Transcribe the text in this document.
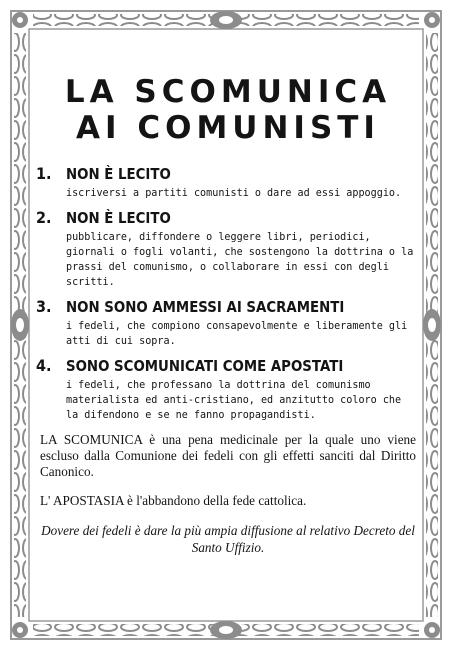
LA SCOMUNICA
AI COMUNISTI
1. NON È LECITO
iscriversi a partiti comunisti o dare ad essi appoggio.
2. NON È LECITO
pubblicare, diffondere o leggere libri, periodici, giornali o fogli volanti, che sostengono la dottrina o la prassi del comunismo, o collaborare in essi con degli scritti.
3. NON SONO AMMESSI AI SACRAMENTI
i fedeli, che compiono consapevolmente e liberamente gli atti di cui sopra.
4. SONO SCOMUNICATI COME APOSTATI
i fedeli, che professano la dottrina del comunismo materialista ed anti-cristiano, ed anzitutto coloro che la difendono e se ne fanno propagandisti.

LA SCOMUNICA è una pena medicinale per la quale uno viene escluso dalla Comunione dei fedeli con gli effetti sanciti dal Diritto Canonico.

L' APOSTASIA è l'abbandono della fede cattolica.

Dovere dei fedeli è dare la più ampia diffusione al relativo Decreto del Santo Uffizio.
